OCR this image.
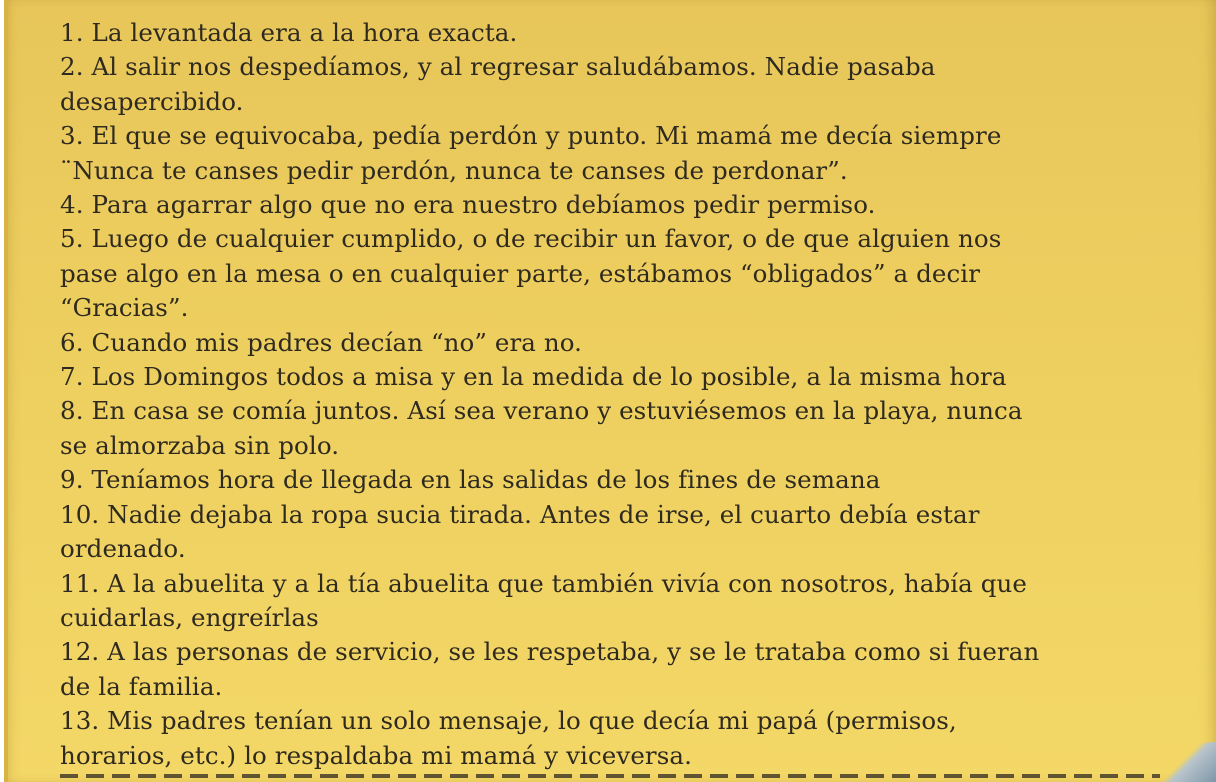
1. La levantada era a la hora exacta.

2. Al salir nos despedíamos, y al regresar saludábamos. Nadie pasaba

desapercibido.

3. El que se equivocaba, pedía perdón y punto. Mi mamá me decía siempre

¨Nunca te canses pedir perdón, nunca te canses de perdonar”.

4. Para agarrar algo que no era nuestro debíamos pedir permiso.

5. Luego de cualquier cumplido, o de recibir un favor, o de que alguien nos

pase algo en la mesa o en cualquier parte, estábamos “obligados” a decir

“Gracias”.

6. Cuando mis padres decían “no” era no.

7. Los Domingos todos a misa y en la medida de lo posible, a la misma hora

8. En casa se comía juntos. Así sea verano y estuviésemos en la playa, nunca

se almorzaba sin polo.

9. Teníamos hora de llegada en las salidas de los fines de semana

10. Nadie dejaba la ropa sucia tirada. Antes de irse, el cuarto debía estar

ordenado.

11. A la abuelita y a la tía abuelita que también vivía con nosotros, había que

cuidarlas, engreírlas

12. A las personas de servicio, se les respetaba, y se le trataba como si fueran

de la familia.

13. Mis padres tenían un solo mensaje, lo que decía mi papá (permisos,

horarios, etc.) lo respaldaba mi mamá y viceversa.
